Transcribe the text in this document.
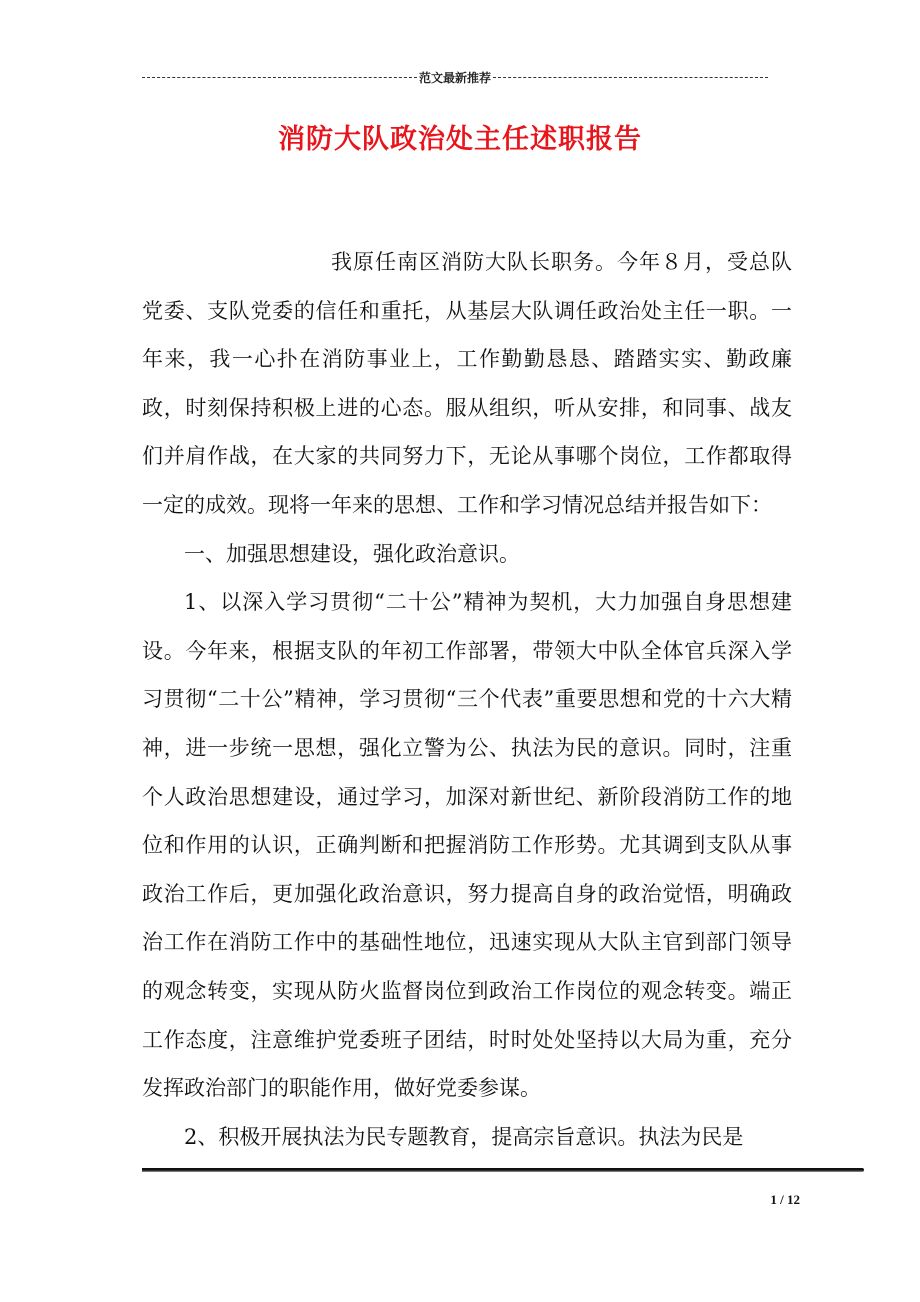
范文最新推荐
消防大队政治处主任述职报告

我原任南区消防大队长职务。今年８月，受总队党委、支队党委的信任和重托，从基层大队调任政治处主任一职。一年来，我一心扑在消防事业上，工作勤勤恳恳、踏踏实实、勤政廉政，时刻保持积极上进的心态。服从组织，听从安排，和同事、战友们并肩作战，在大家的共同努力下，无论从事哪个岗位，工作都取得一定的成效。现将一年来的思想、工作和学习情况总结并报告如下：

一、加强思想建设，强化政治意识。

1、以深入学习贯彻“二十公”精神为契机，大力加强自身思想建设。今年来，根据支队的年初工作部署，带领大中队全体官兵深入学习贯彻“二十公”精神，学习贯彻“三个代表”重要思想和党的十六大精神，进一步统一思想，强化立警为公、执法为民的意识。同时，注重个人政治思想建设，通过学习，加深对新世纪、新阶段消防工作的地位和作用的认识，正确判断和把握消防工作形势。尤其调到支队从事政治工作后，更加强化政治意识，努力提高自身的政治觉悟，明确政治工作在消防工作中的基础性地位，迅速实现从大队主官到部门领导的观念转变，实现从防火监督岗位到政治工作岗位的观念转变。端正工作态度，注意维护党委班子团结，时时处处坚持以大局为重，充分发挥政治部门的职能作用，做好党委参谋。

2、积极开展执法为民专题教育，提高宗旨意识。执法为民是

1 / 12
